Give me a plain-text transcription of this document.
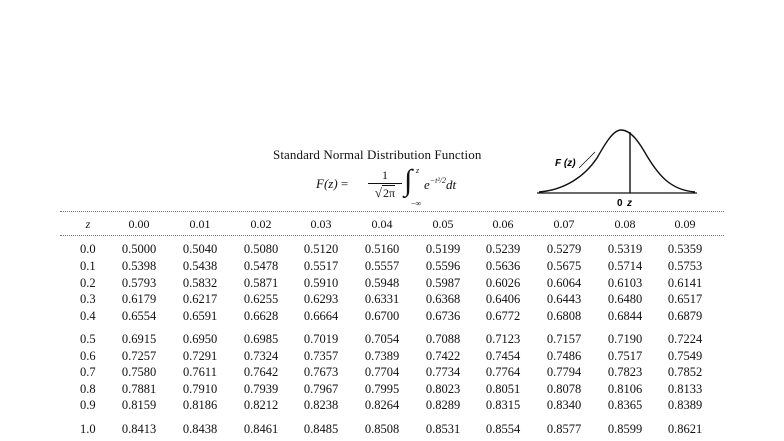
Standard Normal Distribution Function
F(z) =
1
√2π ∫ z
−∞
$e^{-t^2/2}dt$
F (z)
0 z
z	0.00	0.01	0.02	0.03	0.04	0.05	0.06	0.07	0.08	0.09
0.0	0.5000	0.5040	0.5080	0.5120	0.5160	0.5199	0.5239	0.5279	0.5319	0.5359
0.1	0.5398	0.5438	0.5478	0.5517	0.5557	0.5596	0.5636	0.5675	0.5714	0.5753
0.2	0.5793	0.5832	0.5871	0.5910	0.5948	0.5987	0.6026	0.6064	0.6103	0.6141
0.3	0.6179	0.6217	0.6255	0.6293	0.6331	0.6368	0.6406	0.6443	0.6480	0.6517
0.4	0.6554	0.6591	0.6628	0.6664	0.6700	0.6736	0.6772	0.6808	0.6844	0.6879
0.5	0.6915	0.6950	0.6985	0.7019	0.7054	0.7088	0.7123	0.7157	0.7190	0.7224
0.6	0.7257	0.7291	0.7324	0.7357	0.7389	0.7422	0.7454	0.7486	0.7517	0.7549
0.7	0.7580	0.7611	0.7642	0.7673	0.7704	0.7734	0.7764	0.7794	0.7823	0.7852
0.8	0.7881	0.7910	0.7939	0.7967	0.7995	0.8023	0.8051	0.8078	0.8106	0.8133
0.9	0.8159	0.8186	0.8212	0.8238	0.8264	0.8289	0.8315	0.8340	0.8365	0.8389
1.0	0.8413	0.8438	0.8461	0.8485	0.8508	0.8531	0.8554	0.8577	0.8599	0.8621
